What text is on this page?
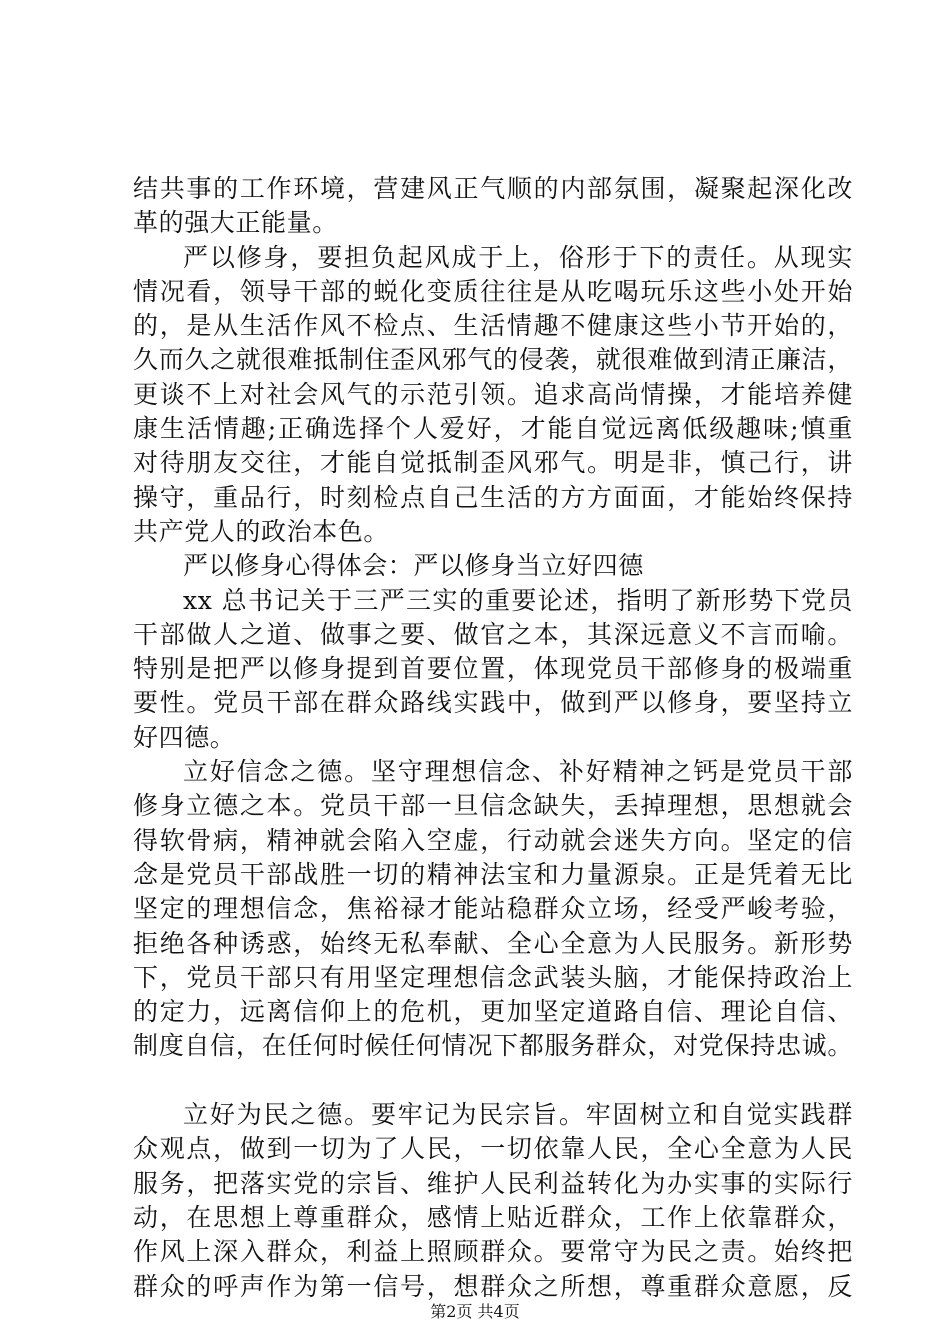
结共事的工作环境，营建风正气顺的内部氛围，凝聚起深化改
革的强大正能量。
严以修身，要担负起风成于上，俗形于下的责任。从现实
情况看，领导干部的蜕化变质往往是从吃喝玩乐这些小处开始
的，是从生活作风不检点、生活情趣不健康这些小节开始的，
久而久之就很难抵制住歪风邪气的侵袭，就很难做到清正廉洁，
更谈不上对社会风气的示范引领。追求高尚情操，才能培养健
康生活情趣;正确选择个人爱好，才能自觉远离低级趣味;慎重
对待朋友交往，才能自觉抵制歪风邪气。明是非，慎己行，讲
操守，重品行，时刻检点自己生活的方方面面，才能始终保持
共产党人的政治本色。
严以修身心得体会：严以修身当立好四德
xx 总书记关于三严三实的重要论述，指明了新形势下党员
干部做人之道、做事之要、做官之本，其深远意义不言而喻。
特别是把严以修身提到首要位置，体现党员干部修身的极端重
要性。党员干部在群众路线实践中，做到严以修身，要坚持立
好四德。
立好信念之德。坚守理想信念、补好精神之钙是党员干部
修身立德之本。党员干部一旦信念缺失，丢掉理想，思想就会
得软骨病，精神就会陷入空虚，行动就会迷失方向。坚定的信
念是党员干部战胜一切的精神法宝和力量源泉。正是凭着无比
坚定的理想信念，焦裕禄才能站稳群众立场，经受严峻考验，
拒绝各种诱惑，始终无私奉献、全心全意为人民服务。新形势
下，党员干部只有用坚定理想信念武装头脑，才能保持政治上
的定力，远离信仰上的危机，更加坚定道路自信、理论自信、
制度自信，在任何时候任何情况下都服务群众，对党保持忠诚。
立好为民之德。要牢记为民宗旨。牢固树立和自觉实践群
众观点，做到一切为了人民，一切依靠人民，全心全意为人民
服务，把落实党的宗旨、维护人民利益转化为办实事的实际行
动，在思想上尊重群众，感情上贴近群众，工作上依靠群众，
作风上深入群众，利益上照顾群众。要常守为民之责。始终把
群众的呼声作为第一信号，想群众之所想，尊重群众意愿，反
第2页 共4页
